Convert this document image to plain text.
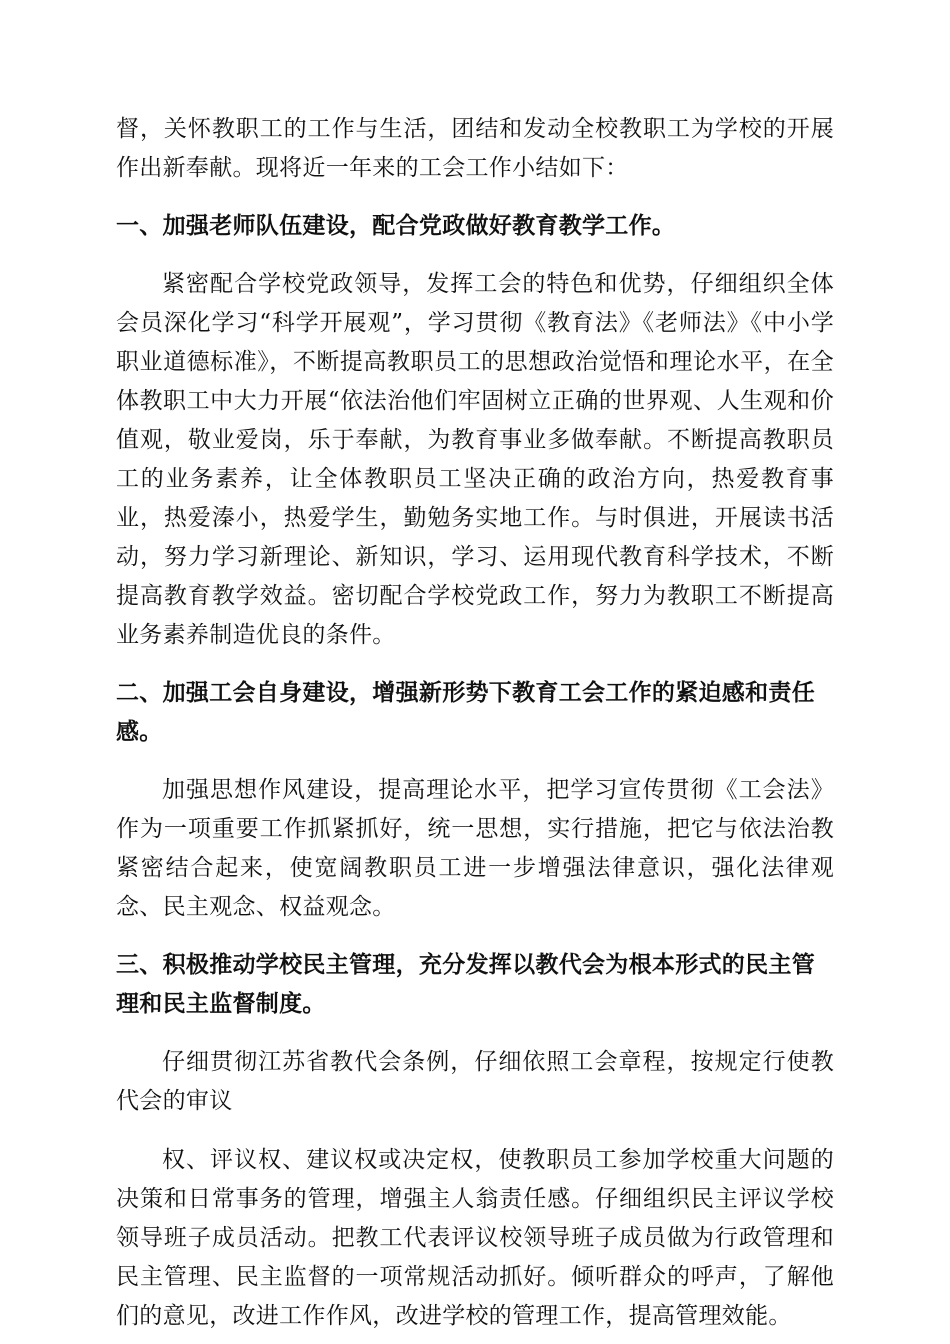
督，关怀教职工的工作与生活，团结和发动全校教职工为学校的开展作出新奉献。现将近一年来的工会工作小结如下：

一、加强老师队伍建设，配合党政做好教育教学工作。

紧密配合学校党政领导，发挥工会的特色和优势，仔细组织全体会员深化学习“科学开展观”，学习贯彻《教育法》《老师法》《中小学职业道德标准》，不断提高教职员工的思想政治觉悟和理论水平，在全体教职工中大力开展“依法治他们牢固树立正确的世界观、人生观和价值观，敬业爱岗，乐于奉献，为教育事业多做奉献。不断提高教职员工的业务素养，让全体教职员工坚决正确的政治方向，热爱教育事业，热爱溱小，热爱学生，勤勉务实地工作。与时俱进，开展读书活动，努力学习新理论、新知识，学习、运用现代教育科学技术，不断提高教育教学效益。密切配合学校党政工作，努力为教职工不断提高业务素养制造优良的条件。

二、加强工会自身建设，增强新形势下教育工会工作的紧迫感和责任感。

加强思想作风建设，提高理论水平，把学习宣传贯彻《工会法》作为一项重要工作抓紧抓好，统一思想，实行措施，把它与依法治教紧密结合起来，使宽阔教职员工进一步增强法律意识，强化法律观念、民主观念、权益观念。

三、积极推动学校民主管理，充分发挥以教代会为根本形式的民主管理和民主监督制度。

仔细贯彻江苏省教代会条例，仔细依照工会章程，按规定行使教代会的审议

权、评议权、建议权或决定权，使教职员工参加学校重大问题的决策和日常事务的管理，增强主人翁责任感。仔细组织民主评议学校领导班子成员活动。把教工代表评议校领导班子成员做为行政管理和民主管理、民主监督的一项常规活动抓好。倾听群众的呼声，了解他们的意见，改进工作作风，改进学校的管理工作，提高管理效能。
